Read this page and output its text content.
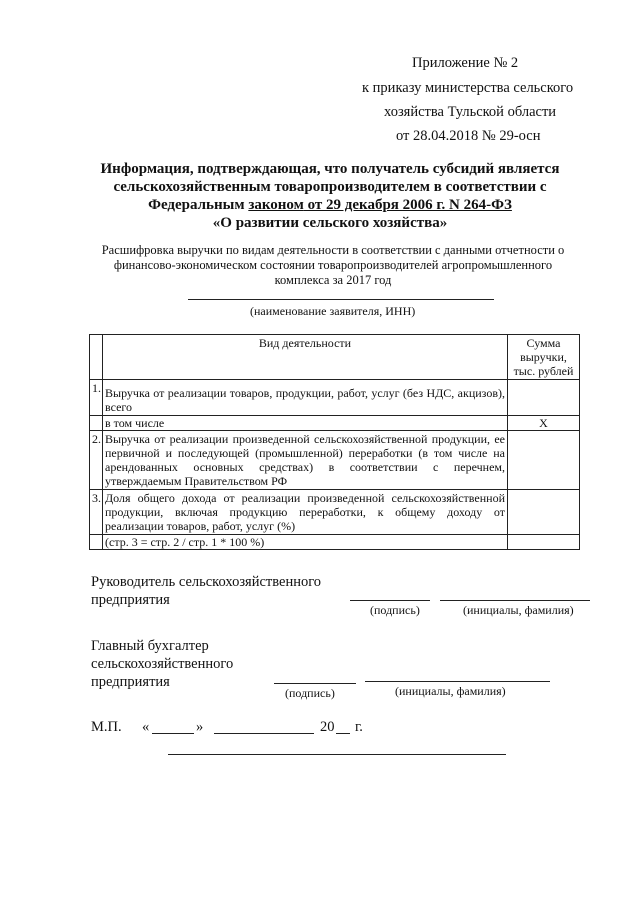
Приложение № 2
к приказу министерства сельского
хозяйства Тульской области
от 28.04.2018 № 29-осн
Информация, подтверждающая, что получатель субсидий является
сельскохозяйственным товаропроизводителем в соответствии с
Федеральным законом от 29 декабря 2006 г. N 264-ФЗ
«О развитии сельского хозяйства»
Расшифровка выручки по видам деятельности в соответствии с данными отчетности о
финансово-экономическом состоянии товаропроизводителей агропромышленного
комплекса за 2017 год
(наименование заявителя, ИНН)
	Вид деятельности	Сумма выручки, тыс. рублей
1.	Выручка от реализации товаров, продукции, работ, услуг (без НДС, акцизов), всего	

	в том числе	X
2.	Выручка от реализации произведенной сельскохозяйственной продукции, ее первичной и последующей (промышленной) переработки (в том числе на арендованных основных средствах) в соответствии с перечнем, утверждаемым Правительством РФ	

3.	Доля общего дохода от реализации произведенной сельскохозяйственной продукции, включая продукцию переработки, к общему доходу от реализации товаров, работ, услуг (%)	

	(стр. 3 = стр. 2 / стр. 1 * 100 %)	
Руководитель сельскохозяйственного
предприятия
(подпись)	(инициалы, фамилия)
Главный бухгалтер
сельскохозяйственного
предприятия
(подпись)	(инициалы, фамилия)
М.П. «	»	20 г.
